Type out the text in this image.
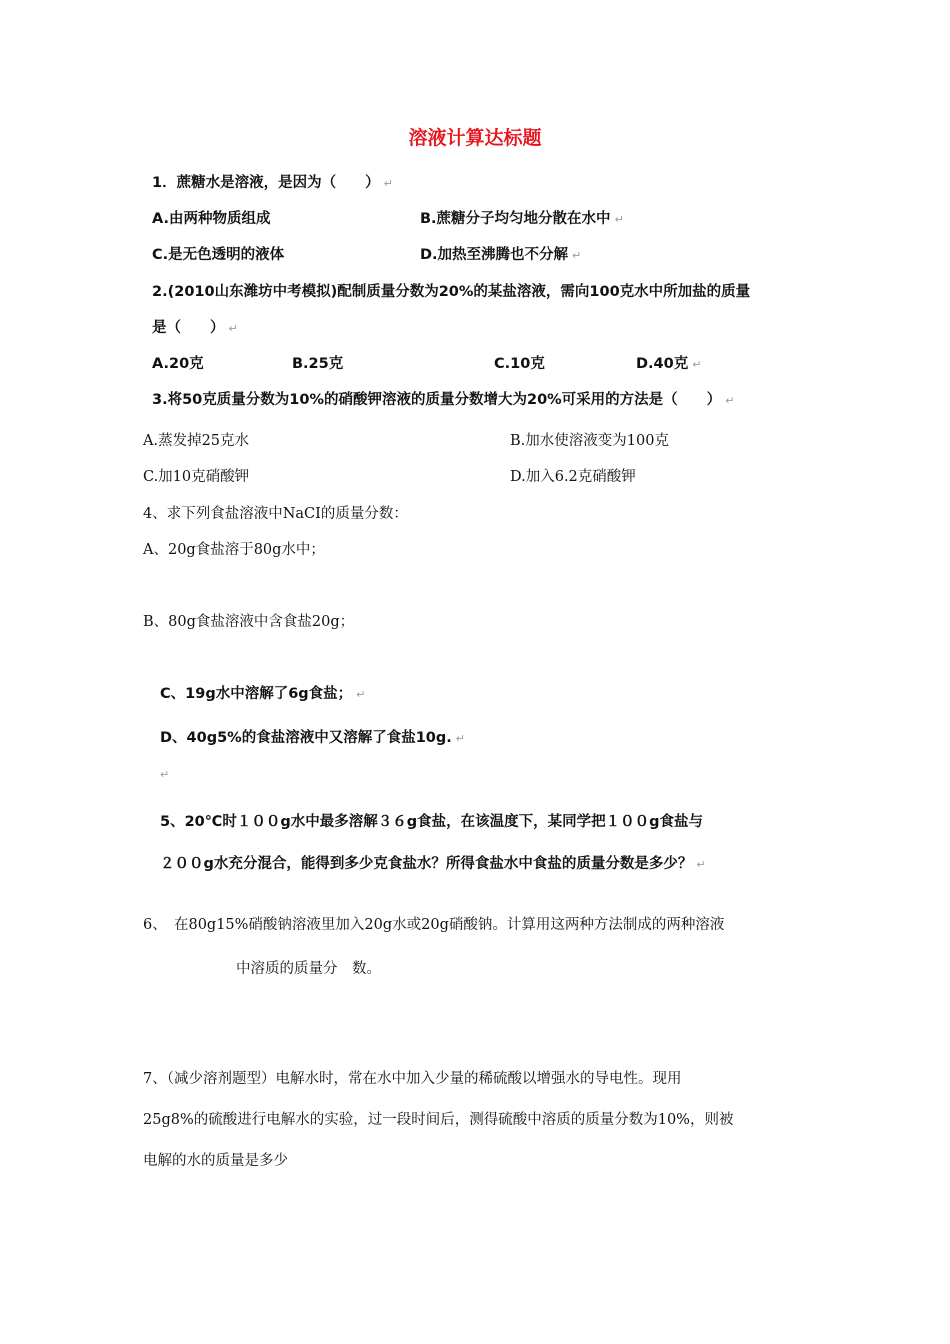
溶液计算达标题
1．蔗糖水是溶液，是因为（　　） ↵
A.由两种物质组成	B.蔗糖分子均匀地分散在水中 ↵
C.是无色透明的液体	D.加热至沸腾也不分解 ↵
2.(2010山东潍坊中考模拟)配制质量分数为20%的某盐溶液，需向100克水中所加盐的质量
是（　　） ↵
A.20克	B.25克	C.10克	D.40克 ↵
3.将50克质量分数为10%的硝酸钾溶液的质量分数增大为20%可采用的方法是（　　） ↵
A.蒸发掉25克水	B.加水使溶液变为100克
C.加10克硝酸钾	D.加入6.2克硝酸钾
4、求下列食盐溶液中NaCI的质量分数：
A、20g食盐溶于80g水中；
B、80g食盐溶液中含食盐20g；
C、19g水中溶解了6g食盐； ↵
D、40g5%的食盐溶液中又溶解了食盐10g. ↵
↵
5、20℃时１００g水中最多溶解３６g食盐，在该温度下，某同学把１００g食盐与
２００g水充分混合，能得到多少克食盐水？所得食盐水中食盐的质量分数是多少？ ↵
6、　在80g15%硝酸钠溶液里加入20g水或20g硝酸钠。计算用这两种方法制成的两种溶液
中溶质的质量分　数。
7、（减少溶剂题型）电解水时，常在水中加入少量的稀硫酸以增强水的导电性。现用
25g8%的硫酸进行电解水的实验，过一段时间后，测得硫酸中溶质的质量分数为10%，则被
电解的水的质量是多少
